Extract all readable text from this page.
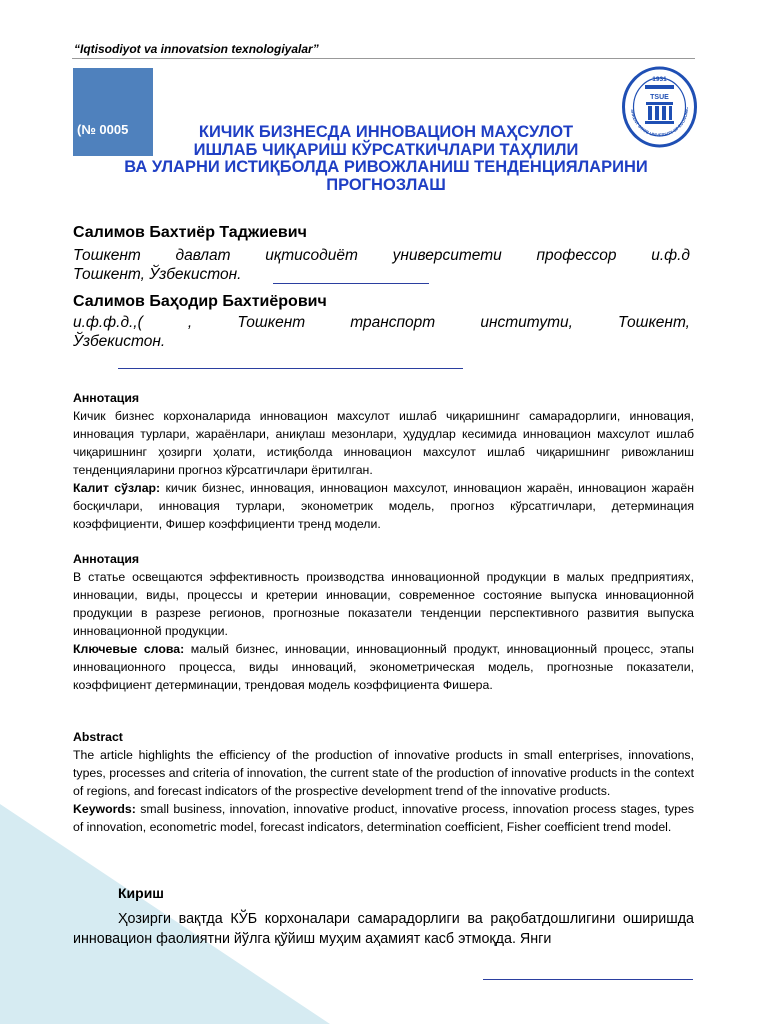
“Iqtisodiyot va innovatsion texnologiyalar”
(№ 0005
1931
TSUE
SHKENT STATE UNIVERSITY OF ECONOMIC
КИЧИК БИЗНЕСДА ИННОВАЦИОН МАҲСУЛОТ
ИШЛАБ ЧИҚАРИШ КЎРСАТКИЧЛАРИ ТАҲЛИЛИ
ВА УЛАРНИ ИСТИҚБОЛДА РИВОЖЛАНИШ ТЕНДЕНЦИЯЛАРИНИ
ПРОГНОЗЛАШ
Салимов Бахтиёр Таджиевич
Тошкент давлат иқтисодиёт университети профессор и.ф.д
Тошкент, Ўзбекистон.
Салимов Баҳодир Бахтиёрович
и.ф.ф.д.,( , Тошкент транспорт институти, Тошкент,
Ўзбекистон.
Аннотация

Кичик бизнес корхоналарида инновацион махсулот ишлаб чиқаришнинг самарадорлиги, инновация, инновация турлари, жараёнлари, аниқлаш мезонлари, ҳудудлар кесимида инновацион махсулот ишлаб чиқаришнинг ҳозирги ҳолати, истиқболда инновацион махсулот ишлаб чиқаришнинг ривожланиш тенденцияларини прогноз кўрсатгичлари ёритилган.

Калит сўзлар: кичик бизнес, инновация, инновацион махсулот, инновацион жараён, инновацион жараён босқичлари, инновация турлари, эконометрик модель, прогноз кўрсатгичлари, детерминация коэффициенти, Фишер коэффициенти тренд модели.

Аннотация

В статье освещаются эффективность производства инновационной продукции в малых предприятиях, инновации, виды, процессы и кретерии инновации, современное состояние выпуска инновационной продукции в разрезе регионов, прогнозные показатели тенденции перспективного развития выпуска инновационной продукции.

Ключевые слова: малый бизнес, инновации, инновационный продукт, инновационный процесс, этапы инновационного процесса, виды инноваций, эконометрическая модель, прогнозные показатели, коэффициент детерминации, трендовая модель коэффициента Фишера.

Abstract

The article highlights the efficiency of the production of innovative products in small enterprises, innovations, types, processes and criteria of innovation, the current state of the production of innovative products in the context of regions, and forecast indicators of the prospective development trend of the innovative products.

Keywords: small business, innovation, innovative product, innovative process, innovation process stages, types of innovation, econometric model, forecast indicators, determination coefficient, Fisher coefficient trend model.

Кириш
Ҳозирги вақтда КЎБ корхоналари самарадорлиги ва рақобатдошлигини оширишда инновацион фаолиятни йўлга қўйиш муҳим аҳамият касб этмоқда. Янги
